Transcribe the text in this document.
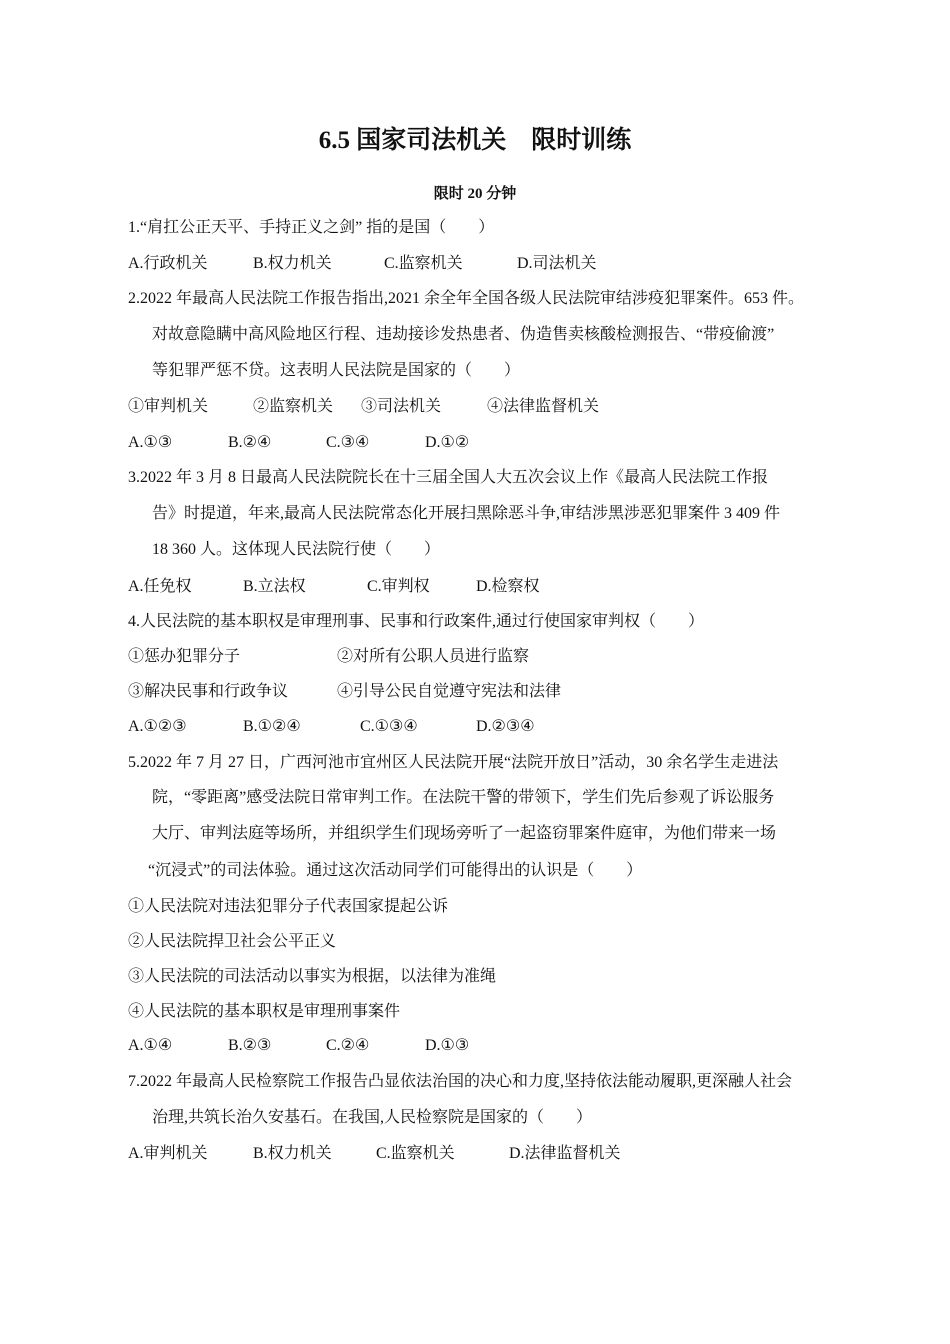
6.5 国家司法机关　限时训练
限时 20 分钟
1.“肩扛公正天平、手持正义之剑” 指的是国（　　）
A.行政机关	B.权力机关	C.监察机关	D.司法机关
2.2022 年最高人民法院工作报告指出,2021 余全年全国各级人民法院审结涉疫犯罪案件。653 件。
对故意隐瞒中高风险地区行程、违劫接诊发热患者、伪造售卖核酸检测报告、“带疫偷渡”
等犯罪严惩不贷。这表明人民法院是国家的（　　）
①审判机关	②监察机关 ③司法机关	④法律监督机关
A.①③	B.②④	C.③④	D.①②
3.2022 年 3 月 8 日最高人民法院院长在十三届全国人大五次会议上作《最高人民法院工作报
告》时提道，年来,最高人民法院常态化开展扫黑除恶斗争,审结涉黑涉恶犯罪案件 3 409 件
18 360 人。这体现人民法院行使（　　）
A.任免权	B.立法权	C.审判权	D.检察权
4.人民法院的基本职权是审理刑事、民事和行政案件,通过行使国家审判权（　　）
①惩办犯罪分子	②对所有公职人员进行监察
③解决民事和行政争议	④引导公民自觉遵守宪法和法律
A.①②③	B.①②④	C.①③④	D.②③④
5.2022 年 7 月 27 日，广西河池市宜州区人民法院开展“法院开放日”活动，30 余名学生走进法
院，“零距离”感受法院日常审判工作。在法院干警的带领下，学生们先后参观了诉讼服务
大厅、审判法庭等场所，并组织学生们现场旁听了一起盗窃罪案件庭审，为他们带来一场
“沉浸式”的司法体验。通过这次活动同学们可能得出的认识是（　　）
①人民法院对违法犯罪分子代表国家提起公诉
②人民法院捍卫社会公平正义
③人民法院的司法活动以事实为根据，以法律为准绳
④人民法院的基本职权是审理刑事案件
A.①④	B.②③	C.②④	D.①③
7.2022 年最高人民检察院工作报告凸显依法治国的决心和力度,坚持依法能动履职,更深融人社会
治理,共筑长治久安基石。在我国,人民检察院是国家的（　　）
A.审判机关	B.权力机关	C.监察机关	D.法律监督机关
